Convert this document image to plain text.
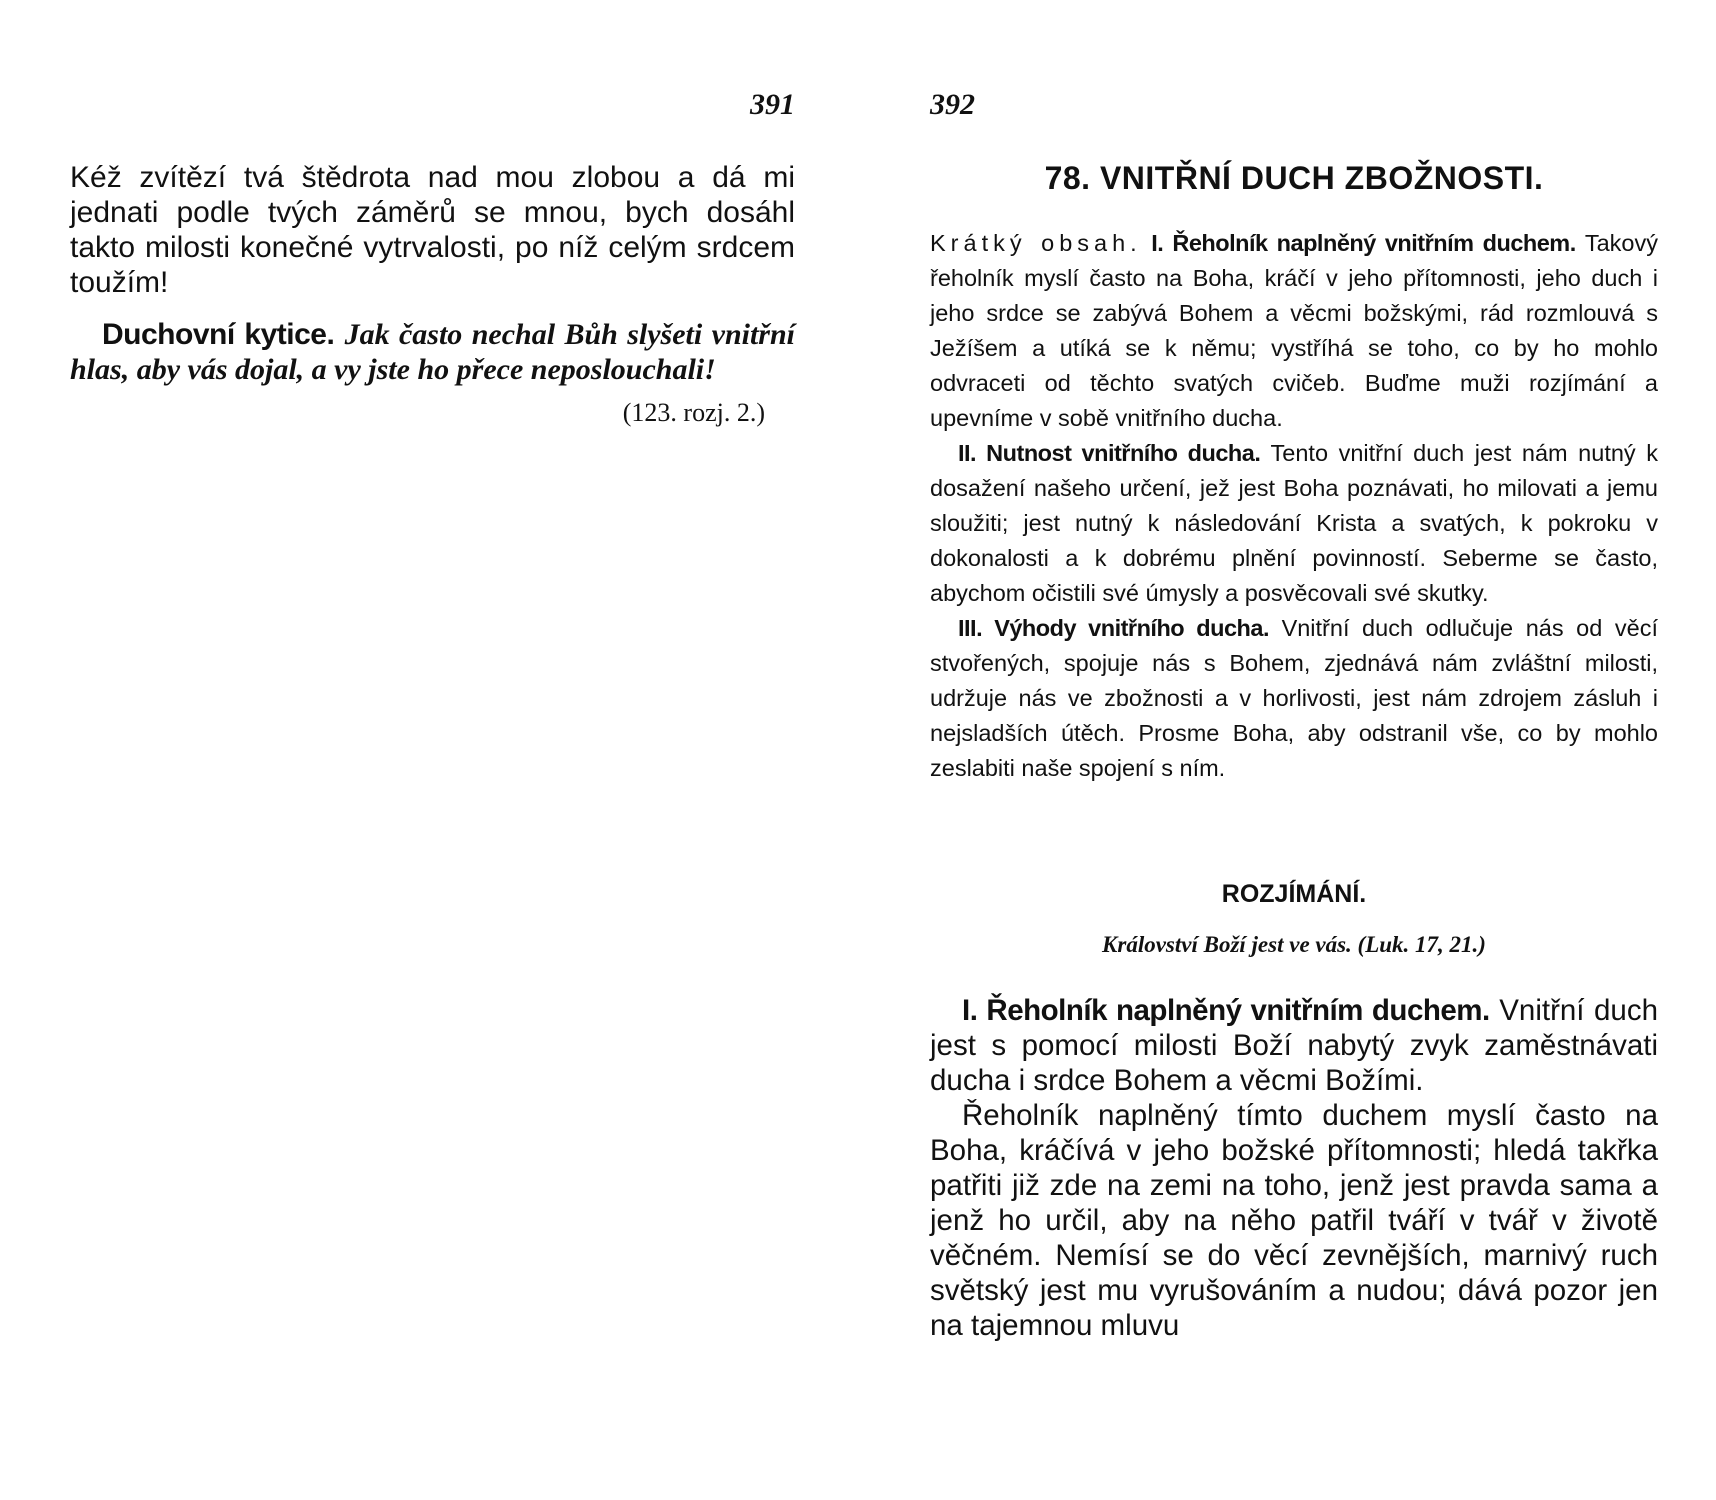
391

Kéž zvítězí tvá štědrota nad mou zlobou a dá mi jednati podle tvých záměrů se mnou, bych dosáhl takto milosti konečné vytrvalosti, po níž celým srdcem toužím!

Duchovní kytice. Jak často nechal Bůh slyšeti vnitřní hlas, aby vás dojal, a vy jste ho přece neposlouchali!

(123. rozj. 2.)
392
78. VNITŘNÍ DUCH ZBOŽNOSTI.

Krátký obsah. I. Řeholník naplněný vnitřním duchem. Takový řeholník myslí často na Boha, kráčí v jeho přítomnosti, jeho duch i jeho srdce se zabývá Bohem a věcmi božskými, rád rozmlouvá s Ježíšem a utíká se k němu; vystříhá se toho, co by ho mohlo odvraceti od těchto svatých cvičeb. Buďme muži rozjímání a upevníme v sobě vnitřního ducha.

II. Nutnost vnitřního ducha. Tento vnitřní duch jest nám nutný k dosažení našeho určení, jež jest Boha poznávati, ho milovati a jemu sloužiti; jest nutný k následování Krista a svatých, k pokroku v dokonalosti a k dobrému plnění povinností. Seberme se často, abychom očistili své úmysly a posvěcovali své skutky.

III. Výhody vnitřního ducha. Vnitřní duch odlučuje nás od věcí stvořených, spojuje nás s Bohem, zjednává nám zvláštní milosti, udržuje nás ve zbožnosti a v horlivosti, jest nám zdrojem zásluh i nejsladších útěch. Prosme Boha, aby odstranil vše, co by mohlo zeslabiti naše spojení s ním.

ROZJÍMÁNÍ.
Království Boží jest ve vás. (Luk. 17, 21.)

I. Řeholník naplněný vnitřním duchem. Vnitřní duch jest s pomocí milosti Boží nabytý zvyk zaměstnávati ducha i srdce Bohem a věcmi Božími.

Řeholník naplněný tímto duchem myslí často na Boha, kráčívá v jeho božské přítomnosti; hledá takřka patřiti již zde na zemi na toho, jenž jest pravda sama a jenž ho určil, aby na něho patřil tváří v tvář v životě věčném. Nemísí se do věcí zevnějších, marnivý ruch světský jest mu vyrušováním a nudou; dává pozor jen na tajemnou mluvu
